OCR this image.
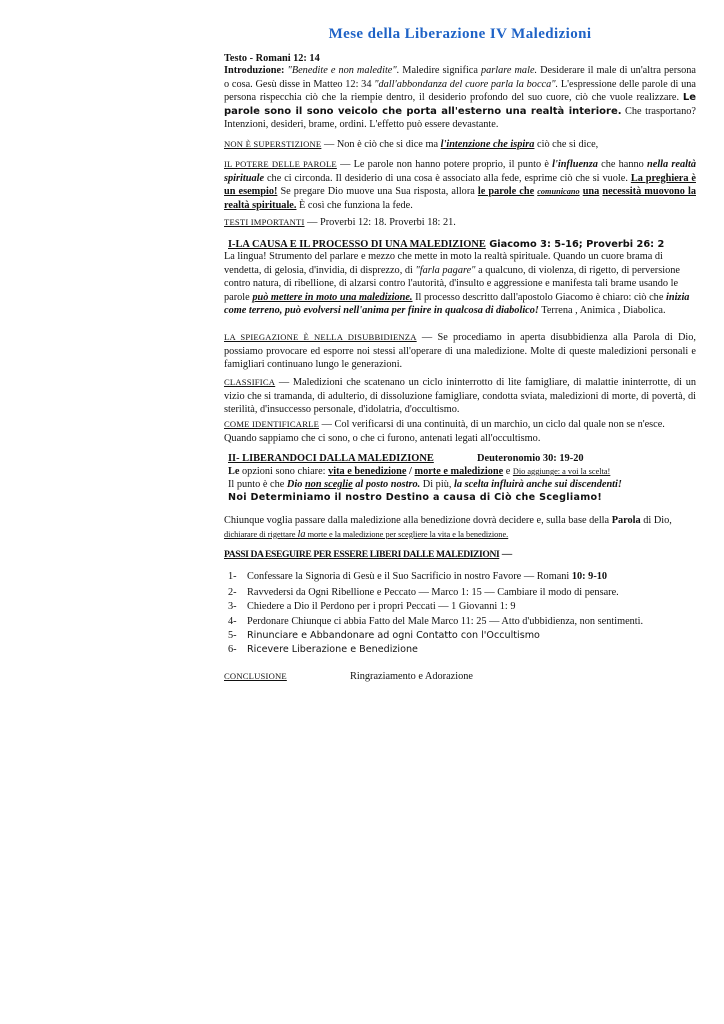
Mese della Liberazione IV Maledizioni
Testo - Romani 12: 14
Introduzione: "Benedite e non maledite". Maledire significa parlare male. Desiderare il male di un'altra persona o cosa. Gesù disse in Matteo 12: 34 "dall'abbondanza del cuore parla la bocca". L'espressione delle parole di una persona rispecchia ciò che la riempie dentro, il desiderio profondo del suo cuore, ciò che vuole realizzare. Le parole sono il sono veicolo che porta all'esterno una realtà interiore. Che trasportano? Intenzioni, desideri, brame, ordini. L'effetto può essere devastante.
NON È SUPERSTIZIONE — Non è ciò che si dice ma l'intenzione che ispira ciò che si dice,
IL POTERE DELLE PAROLE — Le parole non hanno potere proprio, il punto è l'influenza che hanno nella realtà spirituale che ci circonda. Il desiderio di una cosa è associato alla fede, esprime ciò che si vuole. La preghiera è un esempio! Se pregare Dio muove una Sua risposta, allora le parole che comunicano una necessità muovono la realtà spirituale. È così che funziona la fede.
TESTI IMPORTANTI — Proverbi 12: 18. Proverbi 18: 21.
I-LA CAUSA E IL PROCESSO DI UNA MALEDIZIONE Giacomo 3: 5-16; Proverbi 26: 2
La lingua! Strumento del parlare e mezzo che mette in moto la realtà spirituale. Quando un cuore brama di vendetta, di gelosia, d'invidia, di disprezzo, di "farla pagare" a qualcuno, di violenza, di rigetto, di perversione contro natura, di ribellione, di alzarsi contro l'autorità, d'insulto e aggressione e manifesta tali brame usando le parole può mettere in moto una maledizione. Il processo descritto dall'apostolo Giacomo è chiaro: ciò che inizia come terreno, può evolversi nell'anima per finire in qualcosa di diabolico! Terrena , Animica , Diabolica.
LA SPIEGAZIONE È NELLA DISUBBIDIENZA — Se procediamo in aperta disubbidienza alla Parola di Dio, possiamo provocare ed esporre noi stessi all'operare di una maledizione. Molte di queste maledizioni personali e famigliari continuano lungo le generazioni.
CLASSIFICA — Maledizioni che scatenano un ciclo ininterrotto di lite famigliare, di malattie ininterrotte, di un vizio che si tramanda, di adulterio, di dissoluzione famigliare, condotta sviata, maledizioni di morte, di povertà, di sterilità, d'insuccesso personale, d'idolatria, d'occultismo.
COME IDENTIFICARLE — Col verificarsi di una continuità, di un marchio, un ciclo dal quale non se n'esce. Quando sappiamo che ci sono, o che ci furono, antenati legati all'occultismo.
II- LIBERANDOCI DALLA MALEDIZIONE	Deuteronomio 30: 19-20
Le opzioni sono chiare: vita e benedizione / morte e maledizione e Dio aggiunge: a voi la scelta!
Il punto è che Dio non sceglie al posto nostro. Di più, la scelta influirà anche sui discendenti!
Noi Determiniamo il nostro Destino a causa di Ciò che Scegliamo!
Chiunque voglia passare dalla maledizione alla benedizione dovrà decidere e, sulla base della Parola di Dio, dichiarare di rigettare la morte e la maledizione per scegliere la vita e la benedizione.
PASSI DA ESEGUIRE PER ESSERE LIBERI DALLE MALEDIZIONI —
1- Confessare la Signoria di Gesù e il Suo Sacrificio in nostro Favore — Romani 10: 9-10
2- Ravvedersi da Ogni Ribellione e Peccato — Marco 1: 15 — Cambiare il modo di pensare.
3- Chiedere a Dio il Perdono per i propri Peccati — 1 Giovanni 1: 9
4- Perdonare Chiunque ci abbia Fatto del Male Marco 11: 25 — Atto d'ubbidienza, non sentimenti.
5- Rinunciare e Abbandonare ad ogni Contatto con l'Occultismo
6- Ricevere Liberazione e Benedizione
CONCLUSIONE	Ringraziamento e Adorazione
